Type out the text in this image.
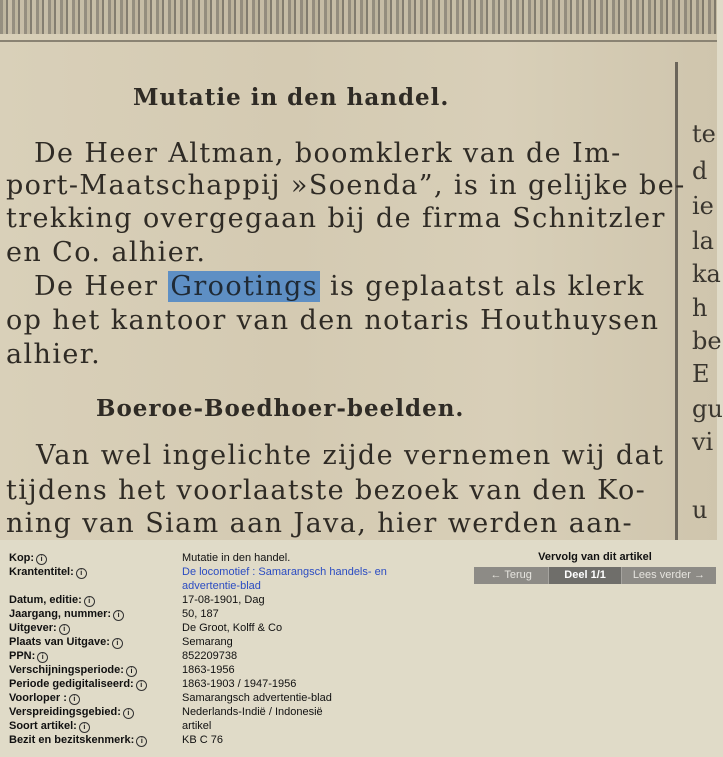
Mutatie in den handel.
De Heer Altman, boomklerk van de Im-
port-Maatschappij »Soenda”, is in gelijke be-
trekking overgegaan bij de firma Schnitzler
en Co. alhier.
De Heer Grootings is geplaatst als klerk
op het kantoor van den notaris Houthuysen
alhier.
Boeroe-Boedhoer-beelden.
Van wel ingelichte zijde vernemen wij dat
tijdens het voorlaatste bezoek van den Ko-
ning van Siam aan Java, hier werden aan-
te
d
ie
la
ka
h
be
E
gu
vi
u
Kop: i	Mutatie in den handel.
Krantentitel: i	De locomotief : Samarangsch handels- en
advertentie-blad
Datum, editie: i	17-08-1901, Dag
Jaargang, nummer: i	50, 187
Uitgever: i	De Groot, Kolff & Co
Plaats van Uitgave: i	Semarang
PPN: i	852209738
Verschijningsperiode: i	1863-1956
Periode gedigitaliseerd: i	1863-1903 / 1947-1956
Voorloper : i	Samarangsch advertentie-blad
Verspreidingsgebied: i	Nederlands-Indië / Indonesië
Soort artikel: i	artikel
Bezit en bezitskenmerk: i	KB C 76
Vervolg van dit artikel
← Terug	Deel 1/1	Lees verder →
